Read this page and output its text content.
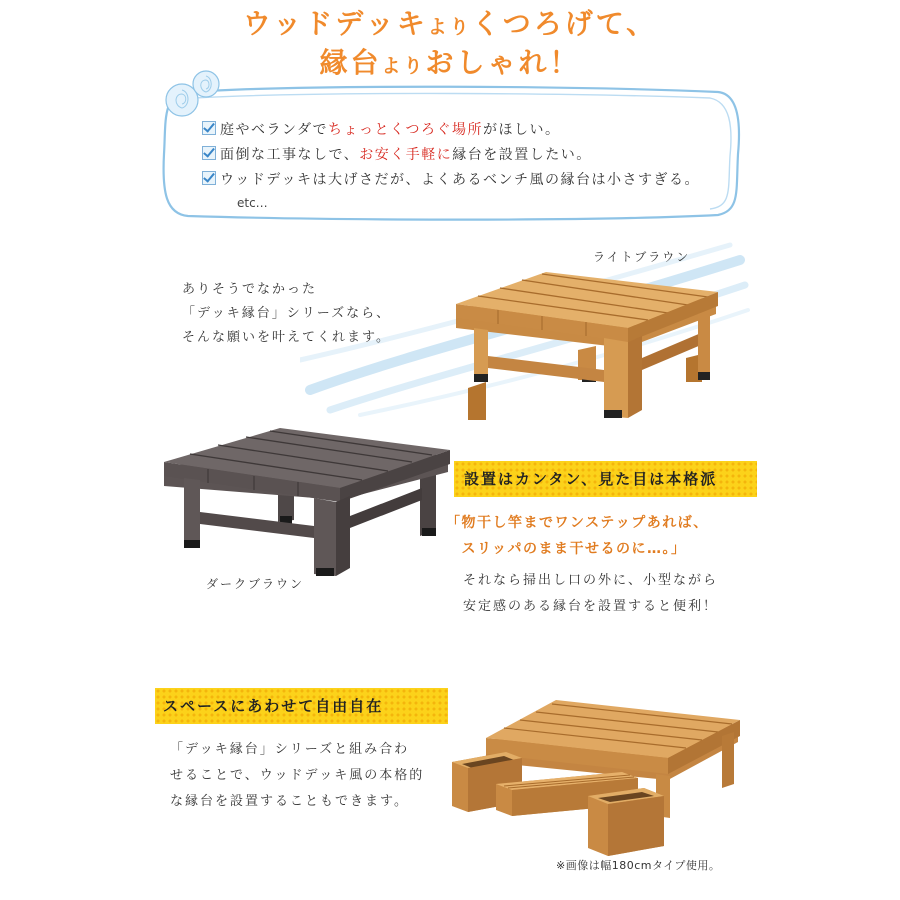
ウッドデッキよりくつろげて、
縁台よりおしゃれ！
庭やベランダでちょっとくつろぐ場所がほしい。
面倒な工事なしで、お安く手軽に縁台を設置したい。
ウッドデッキは大げさだが、よくあるベンチ風の縁台は小さすぎる。
etc…
ライトブラウン
ありそうでなかった
「デッキ縁台」シリーズなら、
そんな願いを叶えてくれます。
ダークブラウン
設置はカンタン、見た目は本格派
「物干し竿までワンステップあれば、
　スリッパのまま干せるのに…。」
それなら掃出し口の外に、小型ながら
安定感のある縁台を設置すると便利！
スペースにあわせて自由自在
「デッキ縁台」シリーズと組み合わ
せることで、ウッドデッキ風の本格的
な縁台を設置することもできます。
※画像は幅180cmタイプ使用。
